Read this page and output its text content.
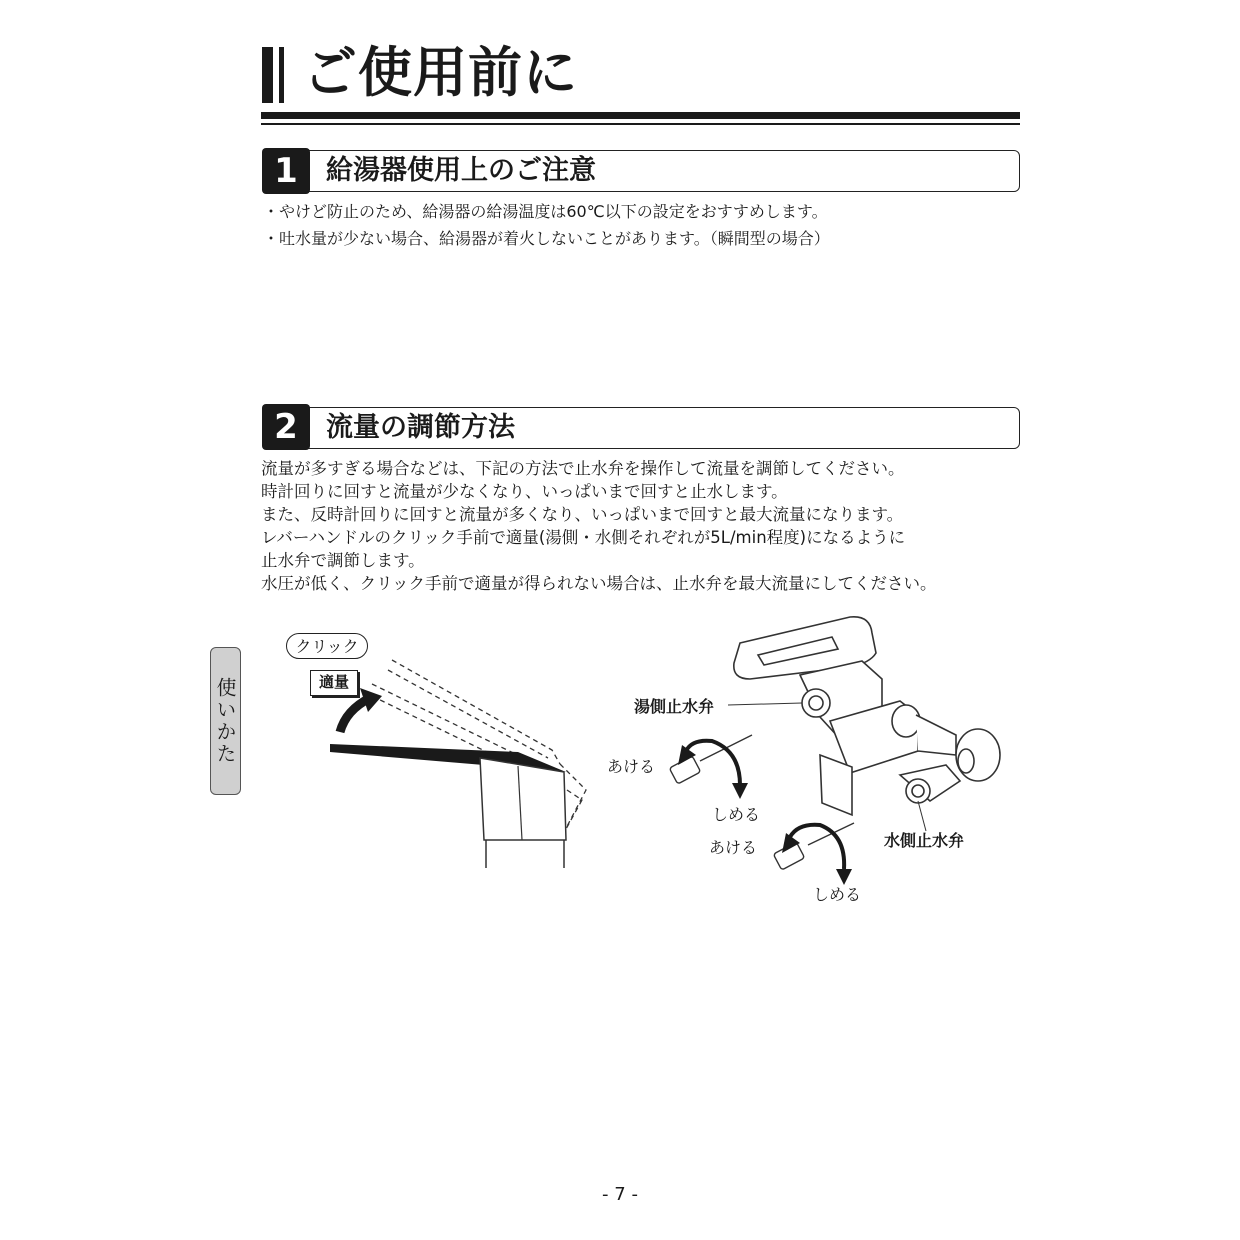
ご使用前に
1	給湯器使用上のご注意
・やけど防止のため、給湯器の給湯温度は60℃以下の設定をおすすめします。
・吐水量が少ない場合、給湯器が着火しないことがあります。（瞬間型の場合）
2	流量の調節方法
流量が多すぎる場合などは、下記の方法で止水弁を操作して流量を調節してください。
時計回りに回すと流量が少なくなり、いっぱいまで回すと止水します。
また、反時計回りに回すと流量が多くなり、いっぱいまで回すと最大流量になります。
レバーハンドルのクリック手前で適量(湯側・水側それぞれが5L/min程度)になるように
止水弁で調節します。
水圧が低く、クリック手前で適量が得られない場合は、止水弁を最大流量にしてください。
使いかた
クリック
適量
湯側止水弁
水側止水弁
あける
しめる
あける
しめる
- 7 -
